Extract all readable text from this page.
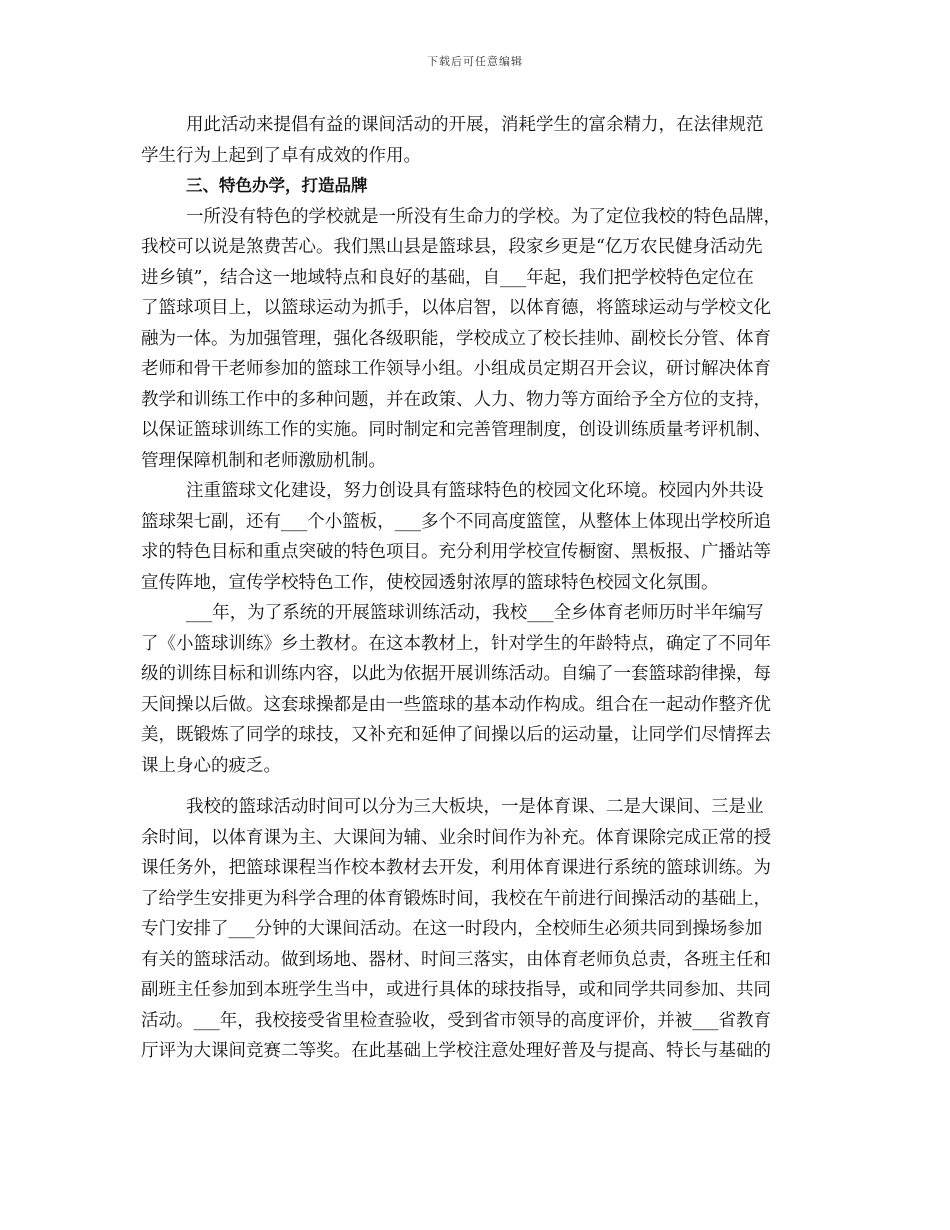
下载后可任意编辑
用此活动来提倡有益的课间活动的开展，消耗学生的富余精力，在法律规范
学生行为上起到了卓有成效的作用。
三、特色办学，打造品牌
一所没有特色的学校就是一所没有生命力的学校。为了定位我校的特色品牌，
我校可以说是煞费苦心。我们黑山县是篮球县，段家乡更是“亿万农民健身活动先
进乡镇”，结合这一地域特点和良好的基础，自___年起，我们把学校特色定位在
了篮球项目上，以篮球运动为抓手，以体启智，以体育德，将篮球运动与学校文化
融为一体。为加强管理，强化各级职能，学校成立了校长挂帅、副校长分管、体育
老师和骨干老师参加的篮球工作领导小组。小组成员定期召开会议，研讨解决体育
教学和训练工作中的多种问题，并在政策、人力、物力等方面给予全方位的支持，
以保证篮球训练工作的实施。同时制定和完善管理制度，创设训练质量考评机制、
管理保障机制和老师激励机制。
注重篮球文化建设，努力创设具有篮球特色的校园文化环境。校园内外共设
篮球架七副，还有___个小篮板，___多个不同高度篮筐，从整体上体现出学校所追
求的特色目标和重点突破的特色项目。充分利用学校宣传橱窗、黑板报、广播站等
宣传阵地，宣传学校特色工作，使校园透射浓厚的篮球特色校园文化氛围。
___年，为了系统的开展篮球训练活动，我校___全乡体育老师历时半年编写
了《小篮球训练》乡土教材。在这本教材上，针对学生的年龄特点，确定了不同年
级的训练目标和训练内容，以此为依据开展训练活动。自编了一套篮球韵律操，每
天间操以后做。这套球操都是由一些篮球的基本动作构成。组合在一起动作整齐优
美，既锻炼了同学的球技，又补充和延伸了间操以后的运动量，让同学们尽情挥去
课上身心的疲乏。
我校的篮球活动时间可以分为三大板块，一是体育课、二是大课间、三是业
余时间，以体育课为主、大课间为辅、业余时间作为补充。体育课除完成正常的授
课任务外，把篮球课程当作校本教材去开发，利用体育课进行系统的篮球训练。为
了给学生安排更为科学合理的体育锻炼时间，我校在午前进行间操活动的基础上，
专门安排了___分钟的大课间活动。在这一时段内，全校师生必须共同到操场参加
有关的篮球活动。做到场地、器材、时间三落实，由体育老师负总责，各班主任和
副班主任参加到本班学生当中，或进行具体的球技指导，或和同学共同参加、共同
活动。___年，我校接受省里检查验收，受到省市领导的高度评价，并被___省教育
厅评为大课间竞赛二等奖。在此基础上学校注意处理好普及与提高、特长与基础的
